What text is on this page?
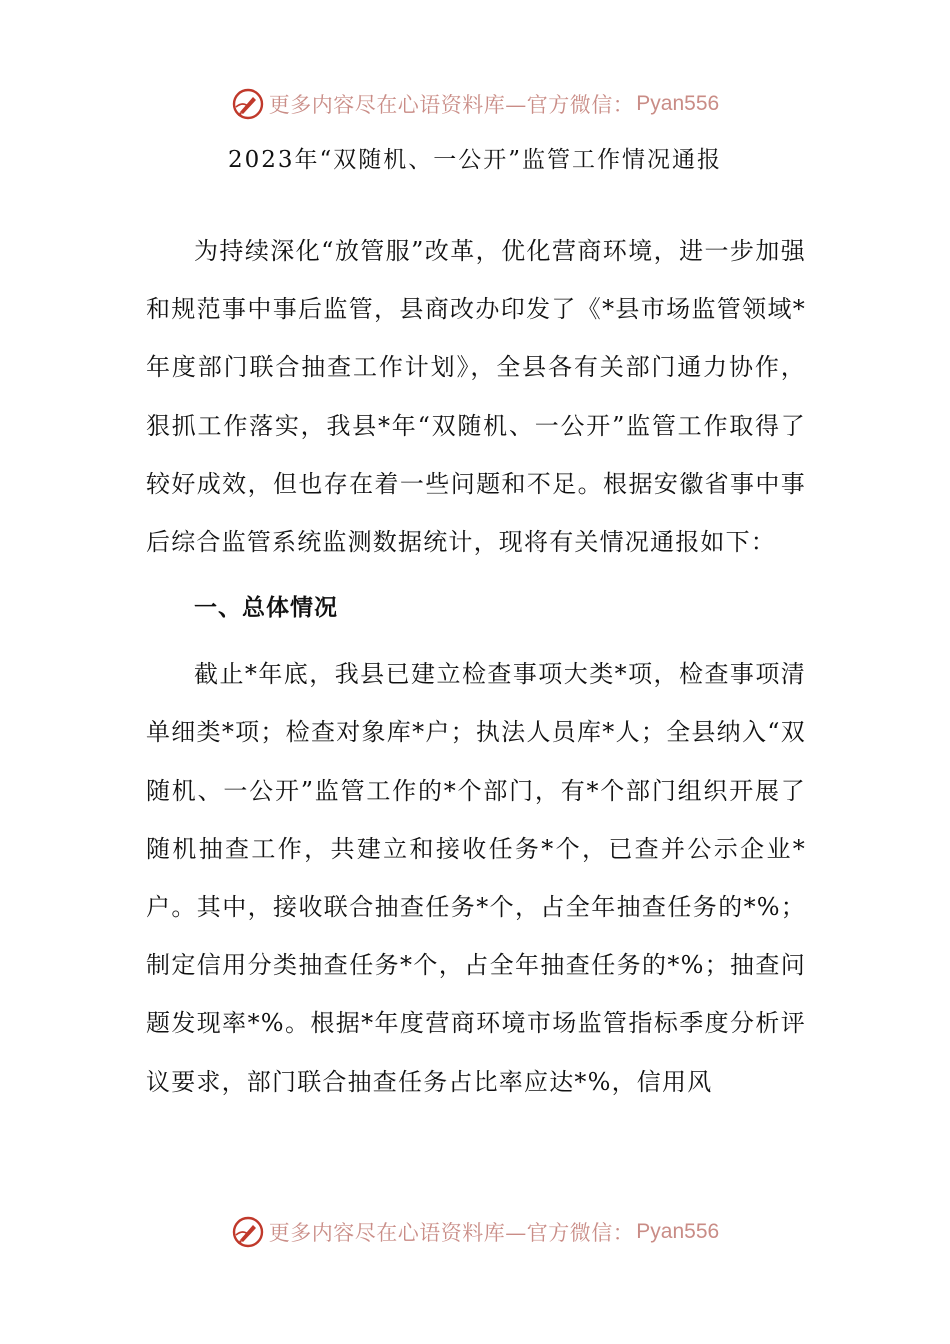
更多内容尽在心语资料库—官方微信： Pyan556
2023年“双随机、一公开”监管工作情况通报

为持续深化“放管服”改革，优化营商环境，进一步加强和规范事中事后监管，县商改办印发了《*县市场监管领域*年度部门联合抽查工作计划》，全县各有关部门通力协作，狠抓工作落实，我县*年“双随机、一公开”监管工作取得了较好成效，但也存在着一些问题和不足。根据安徽省事中事后综合监管系统监测数据统计，现将有关情况通报如下：

一、总体情况

截止*年底，我县已建立检查事项大类*项，检查事项清单细类*项；检查对象库*户；执法人员库*人；全县纳入“双随机、一公开”监管工作的*个部门，有*个部门组织开展了随机抽查工作，共建立和接收任务*个，已查并公示企业*户。其中，接收联合抽查任务*个，占全年抽查任务的*%；制定信用分类抽查任务*个，占全年抽查任务的*%；抽查问题发现率*%。根据*年度营商环境市场监管指标季度分析评议要求，部门联合抽查任务占比率应达*%，信用风

更多内容尽在心语资料库—官方微信： Pyan556
